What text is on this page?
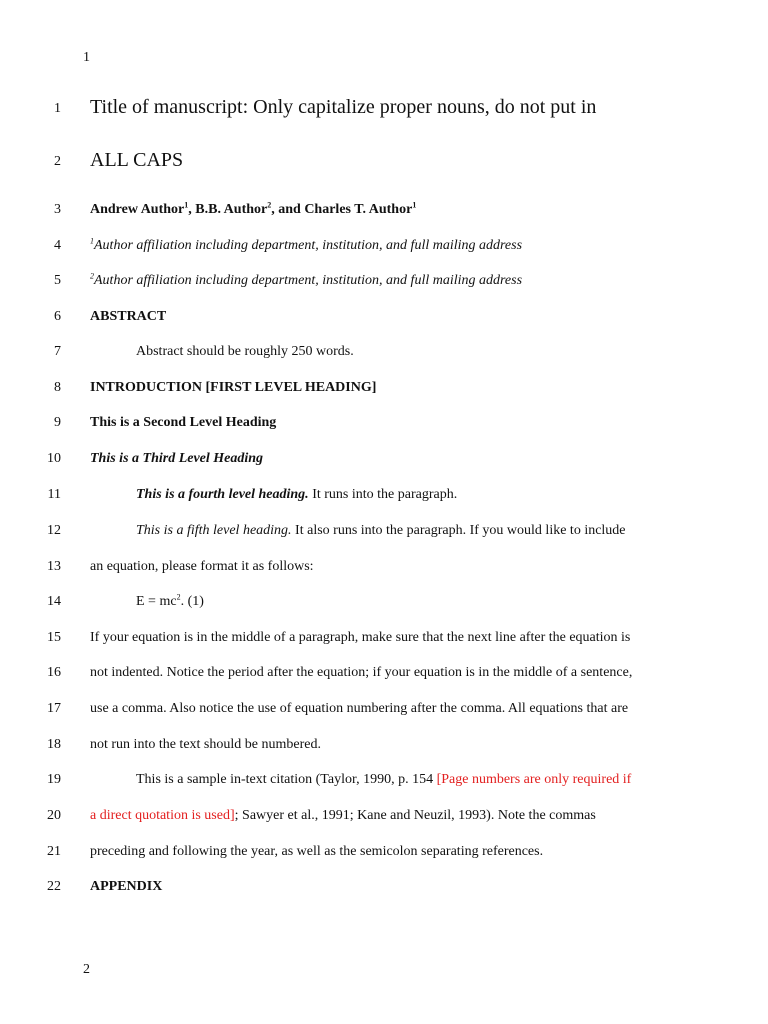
1
1 Title of manuscript: Only capitalize proper nouns, do not put in
2 ALL CAPS
3 Andrew Author$^1$, B.B. Author$^2$, and Charles T. Author$^1$
4	$^1$Author affiliation including department, institution, and full mailing address
5	$^2$Author affiliation including department, institution, and full mailing address
6 ABSTRACT
7	Abstract should be roughly 250 words.
8 INTRODUCTION [FIRST LEVEL HEADING]
9 This is a Second Level Heading
10 This is a Third Level Heading
11	This is a fourth level heading. It runs into the paragraph.
12	This is a fifth level heading. It also runs into the paragraph. If you would like to include
13 an equation, please format it as follows:
14	$E = mc^2$. (1)
15 If your equation is in the middle of a paragraph, make sure that the next line after the equation is
16 not indented. Notice the period after the equation; if your equation is in the middle of a sentence,
17 use a comma. Also notice the use of equation numbering after the comma. All equations that are
18 not run into the text should be numbered.
19	This is a sample in-text citation (Taylor, 1990, p. 154 [Page numbers are only required if
20 a direct quotation is used]; Sawyer et al., 1991; Kane and Neuzil, 1993). Note the commas
21 preceding and following the year, as well as the semicolon separating references.
22 APPENDIX
2
